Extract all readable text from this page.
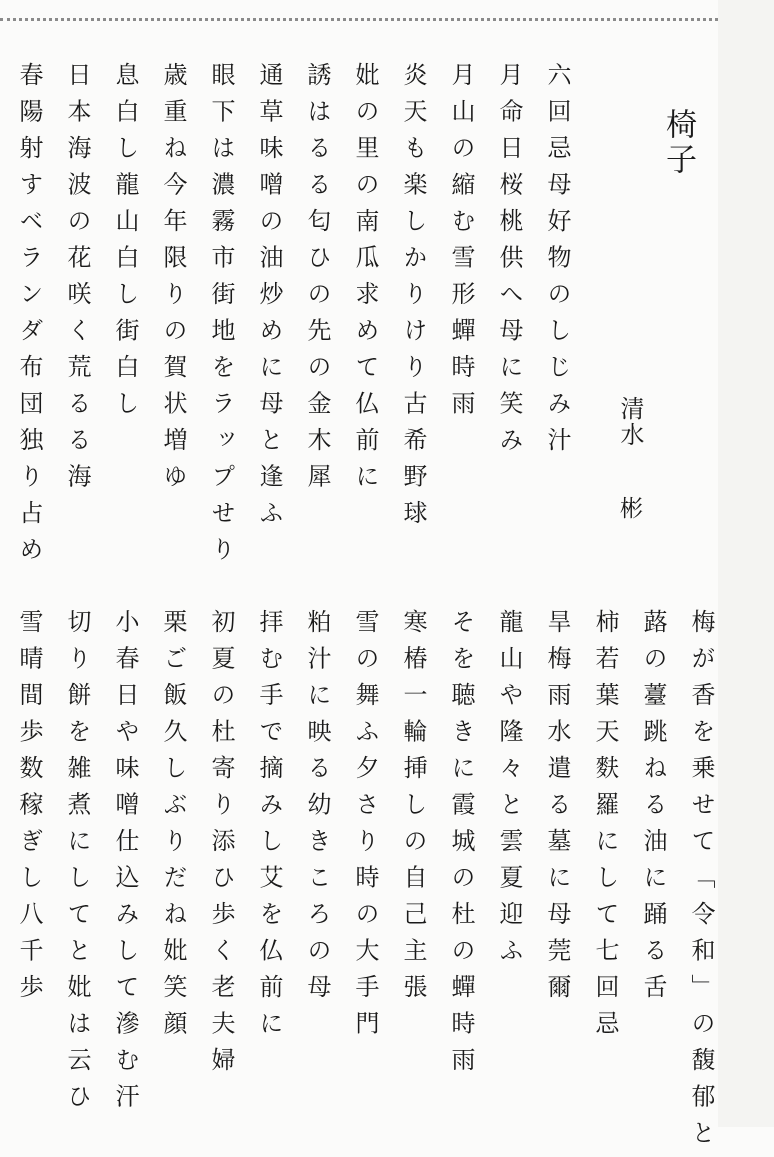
椅子
清水
彬
六回忌母好物のしじみ汁
月命日桜桃供へ母に笑み
月山の縮む雪形蟬時雨
炎天も楽しかりけり古希野球
妣の里の南瓜求めて仏前に
誘はるる匂ひの先の金木犀
通草味噌の油炒めに母と逢ふ
眼下は濃霧市街地をラップせり
歳重ね今年限りの賀状増ゆ
息白し龍山白し街白し
日本海波の花咲く荒るる海
春陽射すベランダ布団独り占め
梅が香を乗せて「令和」の馥郁と
蕗の薹跳ねる油に踊る舌
柿若葉天麩羅にして七回忌
旱梅雨水遣る墓に母莞爾
龍山や隆々と雲夏迎ふ
そを聴きに霞城の杜の蟬時雨
寒椿一輪挿しの自己主張
雪の舞ふ夕さり時の大手門
粕汁に映る幼きころの母
拝む手で摘みし艾を仏前に
初夏の杜寄り添ひ歩く老夫婦
栗ご飯久しぶりだね妣笑顔
小春日や味噌仕込みして滲む汗
切り餅を雑煮にしてと妣は云ひ
雪晴間歩数稼ぎし八千歩
